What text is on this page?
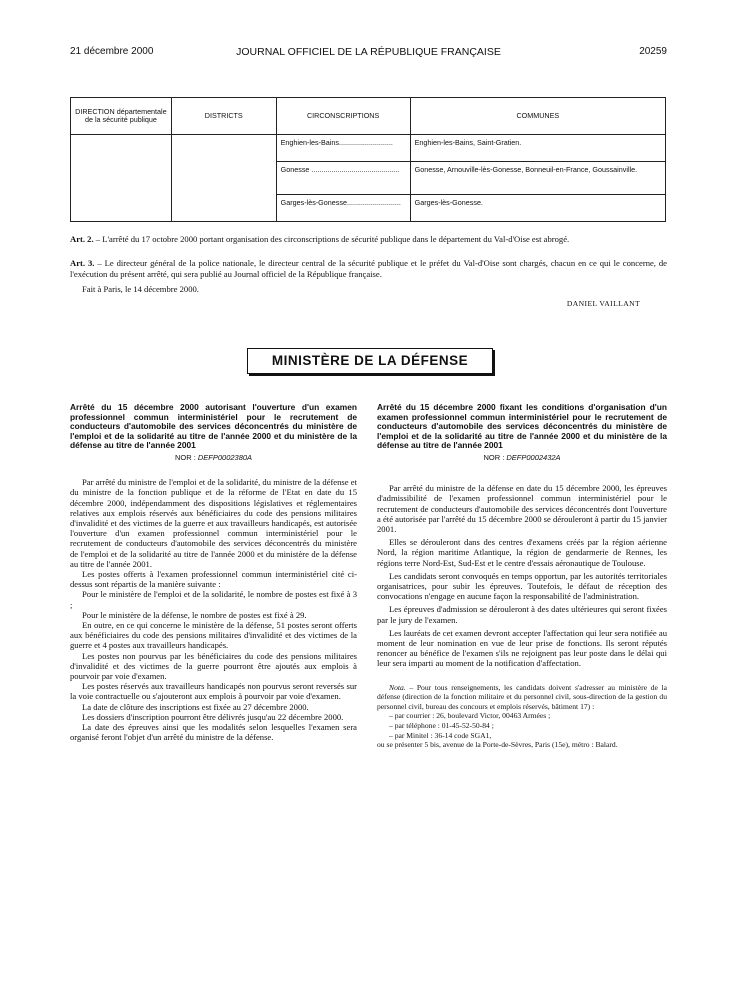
21 décembre 2000	JOURNAL OFFICIEL DE LA RÉPUBLIQUE FRANÇAISE	20259
DIRECTION départementale de la sécurité publique	DISTRICTS	CIRCONSCRIPTIONS	COMMUNES
		Enghien-les-Bains...........................	Enghien-les-Bains, Saint-Gratien.
		Gonesse ............................................	Gonesse, Arnouville-lès-Gonesse, Bonneuil-en-France, Goussainville.
		Garges-lès-Gonesse...........................	Garges-lès-Gonesse.
Art. 2. – L'arrêté du 17 octobre 2000 portant organisation des circonscriptions de sécurité publique dans le département du Val-d'Oise est abrogé.
Art. 3. – Le directeur général de la police nationale, le directeur central de la sécurité publique et le préfet du Val-d'Oise sont chargés, chacun en ce qui le concerne, de l'exécution du présent arrêté, qui sera publié au Journal officiel de la République française.
Fait à Paris, le 14 décembre 2000.
DANIEL VAILLANT
MINISTÈRE DE LA DÉFENSE

Arrêté du 15 décembre 2000 autorisant l'ouverture d'un examen professionnel commun interministériel pour le recrutement de conducteurs d'automobile des services déconcentrés du ministère de l'emploi et de la solidarité au titre de l'année 2000 et du ministère de la défense au titre de l'année 2001

NOR : DEFP0002380A

Par arrêté du ministre de l'emploi et de la solidarité, du ministre de la défense et du ministre de la fonction publique et de la réforme de l'Etat en date du 15 décembre 2000, indépendamment des dispositions législatives et réglementaires relatives aux emplois réservés aux bénéficiaires du code des pensions militaires d'invalidité et des victimes de la guerre et aux travailleurs handicapés, est autorisée l'ouverture d'un examen professionnel commun interministériel pour le recrutement de conducteurs d'automobile des services déconcentrés du ministère de l'emploi et de la solidarité au titre de l'année 2000 et du ministère de la défense au titre de l'année 2001.

Les postes offerts à l'examen professionnel commun interministériel cité ci-dessus sont répartis de la manière suivante :

Pour le ministère de l'emploi et de la solidarité, le nombre de postes est fixé à 3 ;

Pour le ministère de la défense, le nombre de postes est fixé à 29.

En outre, en ce qui concerne le ministère de la défense, 51 postes seront offerts aux bénéficiaires du code des pensions militaires d'invalidité et des victimes de la guerre et 4 postes aux travailleurs handicapés.

Les postes non pourvus par les bénéficiaires du code des pensions militaires d'invalidité et des victimes de la guerre pourront être ajoutés aux emplois à pourvoir par voie d'examen.

Les postes réservés aux travailleurs handicapés non pourvus seront reversés sur la voie contractuelle ou s'ajouteront aux emplois à pourvoir par voie d'examen.

La date de clôture des inscriptions est fixée au 27 décembre 2000.

Les dossiers d'inscription pourront être délivrés jusqu'au 22 décembre 2000.

La date des épreuves ainsi que les modalités selon lesquelles l'examen sera organisé feront l'objet d'un arrêté du ministre de la défense.

Arrêté du 15 décembre 2000 fixant les conditions d'organisation d'un examen professionnel commun interministériel pour le recrutement de conducteurs d'automobile des services déconcentrés du ministère de l'emploi et de la solidarité au titre de l'année 2000 et du ministère de la défense au titre de l'année 2001

NOR : DEFP0002432A

Par arrêté du ministre de la défense en date du 15 décembre 2000, les épreuves d'admissibilité de l'examen professionnel commun interministériel pour le recrutement de conducteurs d'automobile des services déconcentrés dont l'ouverture a été autorisée par l'arrêté du 15 décembre 2000 se dérouleront à partir du 15 janvier 2001.

Elles se dérouleront dans des centres d'examens créés par la région aérienne Nord, la région maritime Atlantique, la région de gendarmerie de Rennes, les régions terre Nord-Est, Sud-Est et le centre d'essais aéronautique de Toulouse.

Les candidats seront convoqués en temps opportun, par les autorités territoriales organisatrices, pour subir les épreuves. Toutefois, le défaut de réception des convocations n'engage en aucune façon la responsabilité de l'administration.

Les épreuves d'admission se dérouleront à des dates ultérieures qui seront fixées par le jury de l'examen.

Les lauréats de cet examen devront accepter l'affectation qui leur sera notifiée au moment de leur nomination en vue de leur prise de fonctions. Ils seront réputés renoncer au bénéfice de l'examen s'ils ne rejoignent pas leur poste dans le délai qui leur sera imparti au moment de la notification d'affectation.

Nota. – Pour tous renseignements, les candidats doivent s'adresser au ministère de la défense (direction de la fonction militaire et du personnel civil, sous-direction de la gestion du personnel civil, bureau des concours et emplois réservés, bâtiment 17) :

– par courrier : 26, boulevard Victor, 00463 Armées ;

– par téléphone : 01-45-52-50-84 ;

– par Minitel : 36-14 code SGA1,

ou se présenter 5 bis, avenue de la Porte-de-Sèvres, Paris (15e), métro : Balard.
